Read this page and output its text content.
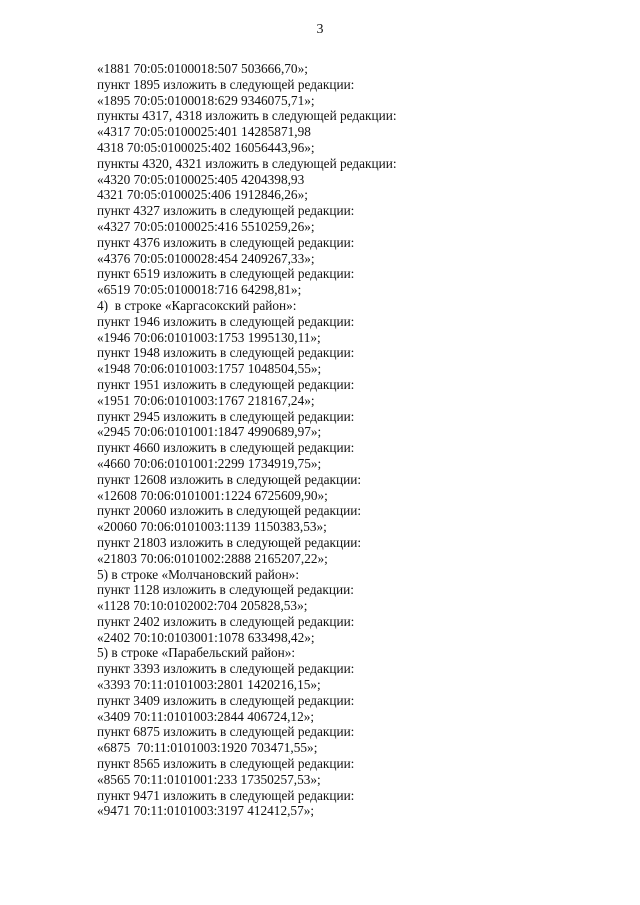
3
«1881 70:05:0100018:507 503666,70»;
пункт 1895 изложить в следующей редакции:
«1895 70:05:0100018:629 9346075,71»;
пункты 4317, 4318 изложить в следующей редакции:
«4317 70:05:0100025:401 14285871,98
4318 70:05:0100025:402 16056443,96»;
пункты 4320, 4321 изложить в следующей редакции:
«4320 70:05:0100025:405 4204398,93
4321 70:05:0100025:406 1912846,26»;
пункт 4327 изложить в следующей редакции:
«4327 70:05:0100025:416 5510259,26»;
пункт 4376 изложить в следующей редакции:
«4376 70:05:0100028:454 2409267,33»;
пункт 6519 изложить в следующей редакции:
«6519 70:05:0100018:716 64298,81»;
4)  в строке «Каргасокский район»:
пункт 1946 изложить в следующей редакции:
«1946 70:06:0101003:1753 1995130,11»;
пункт 1948 изложить в следующей редакции:
«1948 70:06:0101003:1757 1048504,55»;
пункт 1951 изложить в следующей редакции:
«1951 70:06:0101003:1767 218167,24»;
пункт 2945 изложить в следующей редакции:
«2945 70:06:0101001:1847 4990689,97»;
пункт 4660 изложить в следующей редакции:
«4660 70:06:0101001:2299 1734919,75»;
пункт 12608 изложить в следующей редакции:
«12608 70:06:0101001:1224 6725609,90»;
пункт 20060 изложить в следующей редакции:
«20060 70:06:0101003:1139 1150383,53»;
пункт 21803 изложить в следующей редакции:
«21803 70:06:0101002:2888 2165207,22»;
5) в строке «Молчановский район»:
пункт 1128 изложить в следующей редакции:
«1128 70:10:0102002:704 205828,53»;
пункт 2402 изложить в следующей редакции:
«2402 70:10:0103001:1078 633498,42»;
5) в строке «Парабельский район»:
пункт 3393 изложить в следующей редакции:
«3393 70:11:0101003:2801 1420216,15»;
пункт 3409 изложить в следующей редакции:
«3409 70:11:0101003:2844 406724,12»;
пункт 6875 изложить в следующей редакции:
«6875  70:11:0101003:1920 703471,55»;
пункт 8565 изложить в следующей редакции:
«8565 70:11:0101001:233 17350257,53»;
пункт 9471 изложить в следующей редакции:
«9471 70:11:0101003:3197 412412,57»;
